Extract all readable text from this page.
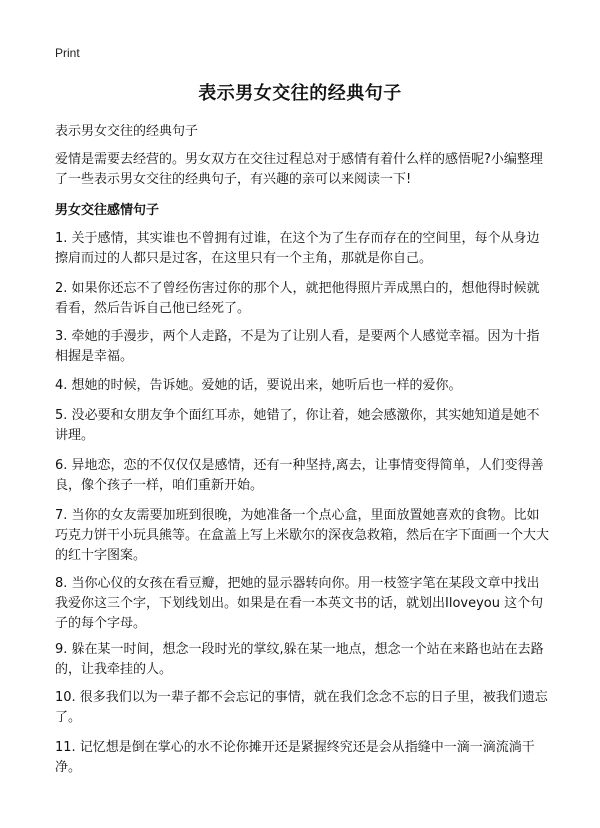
Print
表示男女交往的经典句子

表示男女交往的经典句子

爱情是需要去经营的。男女双方在交往过程总对于感情有着什么样的感悟呢?小编整理了一些表示男女交往的经典句子，有兴趣的亲可以来阅读一下!

男女交往感情句子

1. 关于感情，其实谁也不曾拥有过谁，在这个为了生存而存在的空间里，每个从身边擦肩而过的人都只是过客，在这里只有一个主角，那就是你自己。

2. 如果你还忘不了曾经伤害过你的那个人，就把他得照片弄成黑白的，想他得时候就看看，然后告诉自己他已经死了。

3. 牵她的手漫步，两个人走路，不是为了让别人看，是要两个人感觉幸福。因为十指相握是幸福。

4. 想她的时候，告诉她。爱她的话，要说出来，她听后也一样的爱你。

5. 没必要和女朋友争个面红耳赤，她错了，你让着，她会感激你，其实她知道是她不讲理。

6. 异地恋，恋的不仅仅仅是感情，还有一种坚持,离去，让事情变得简单，人们变得善良，像个孩子一样，咱们重新开始。

7. 当你的女友需要加班到很晚，为她准备一个点心盒，里面放置她喜欢的食物。比如巧克力饼干小玩具熊等。在盒盖上写上米歇尔的深夜急救箱，然后在字下面画一个大大的红十字图案。

8. 当你心仪的女孩在看豆瓣，把她的显示器转向你。用一枝签字笔在某段文章中找出我爱你这三个字，下划线划出。如果是在看一本英文书的话，就划出Iloveyou 这个句子的每个字母。

9. 躲在某一时间，想念一段时光的掌纹,躲在某一地点，想念一个站在来路也站在去路的，让我牵挂的人。

10. 很多我们以为一辈子都不会忘记的事情，就在我们念念不忘的日子里，被我们遗忘了。

11. 记忆想是倒在掌心的水不论你摊开还是紧握终究还是会从指缝中一滴一滴流淌干净。
